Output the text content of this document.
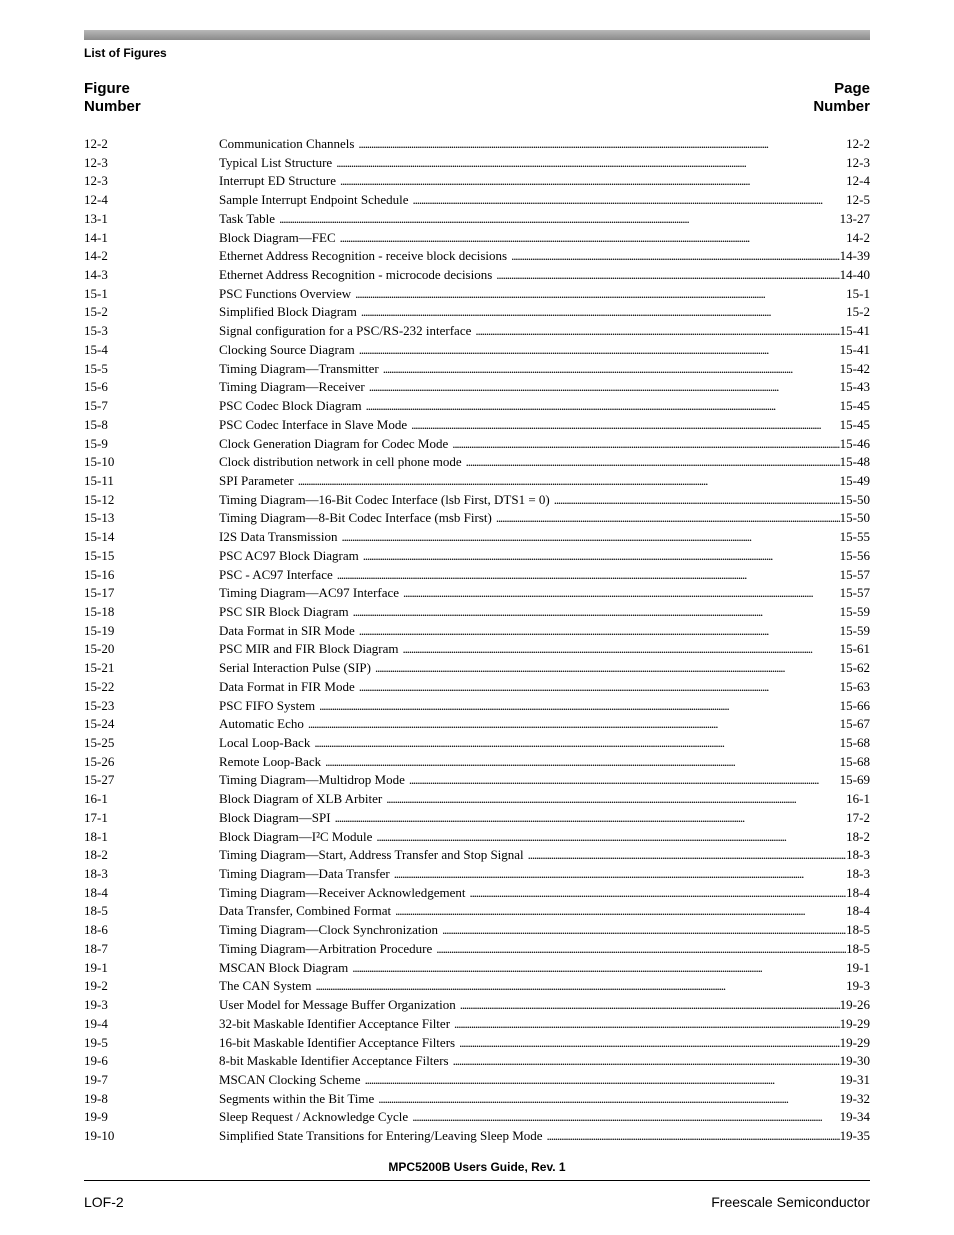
List of Figures
Figure
Number
Page
Number
12-2	Communication Channels . . .	12-2
12-3	Typical List Structure . . .	12-3
12-3	Interrupt ED Structure . . .	12-4
12-4	Sample Interrupt Endpoint Schedule . . .	12-5
13-1	Task Table . . .	13-27
14-1	Block Diagram—FEC . . .	14-2
14-2	Ethernet Address Recognition - receive block decisions . . .	14-39
14-3	Ethernet Address Recognition - microcode decisions . . .	14-40
15-1	PSC Functions Overview . . .	15-1
15-2	Simplified Block Diagram . . .	15-2
15-3	Signal configuration for a PSC/RS-232 interface . . .	15-41
15-4	Clocking Source Diagram . . .	15-41
15-5	Timing Diagram—Transmitter . . .	15-42
15-6	Timing Diagram—Receiver . . .	15-43
15-7	PSC Codec Block Diagram . . .	15-45
15-8	PSC Codec Interface in Slave Mode . . .	15-45
15-9	Clock Generation Diagram for Codec Mode . . .	15-46
15-10	Clock distribution network in cell phone mode . . .	15-48
15-11	SPI Parameter . . .	15-49
15-12	Timing Diagram—16-Bit Codec Interface (lsb First, DTS1 = 0) . . .	15-50
15-13	Timing Diagram—8-Bit Codec Interface (msb First) . . .	15-50
15-14	I2S Data Transmission . . .	15-55
15-15	PSC AC97 Block Diagram . . .	15-56
15-16	PSC - AC97 Interface . . .	15-57
15-17	Timing Diagram—AC97 Interface . . .	15-57
15-18	PSC SIR Block Diagram . . .	15-59
15-19	Data Format in SIR Mode . . .	15-59
15-20	PSC MIR and FIR Block Diagram . . .	15-61
15-21	Serial Interaction Pulse (SIP) . . .	15-62
15-22	Data Format in FIR Mode . . .	15-63
15-23	PSC FIFO System . . .	15-66
15-24	Automatic Echo . . .	15-67
15-25	Local Loop-Back . . .	15-68
15-26	Remote Loop-Back . . .	15-68
15-27	Timing Diagram—Multidrop Mode . . .	15-69
16-1	Block Diagram of XLB Arbiter . . .	16-1
17-1	Block Diagram—SPI . . .	17-2
18-1	Block Diagram—I²C Module . . .	18-2
18-2	Timing Diagram—Start, Address Transfer and Stop Signal . . .	18-3
18-3	Timing Diagram—Data Transfer . . .	18-3
18-4	Timing Diagram—Receiver Acknowledgement . . .	18-4
18-5	Data Transfer, Combined Format . . .	18-4
18-6	Timing Diagram—Clock Synchronization . . .	18-5
18-7	Timing Diagram—Arbitration Procedure . . .	18-5
19-1	MSCAN Block Diagram . . .	19-1
19-2	The CAN System . . .	19-3
19-3	User Model for Message Buffer Organization . . .	19-26
19-4	32-bit Maskable Identifier Acceptance Filter . . .	19-29
19-5	16-bit Maskable Identifier Acceptance Filters . . .	19-29
19-6	8-bit Maskable Identifier Acceptance Filters . . .	19-30
19-7	MSCAN Clocking Scheme . . .	19-31
19-8	Segments within the Bit Time . . .	19-32
19-9	Sleep Request / Acknowledge Cycle . . .	19-34
19-10	Simplified State Transitions for Entering/Leaving Sleep Mode . . .	19-35
MPC5200B Users Guide, Rev. 1
LOF-2	Freescale Semiconductor
